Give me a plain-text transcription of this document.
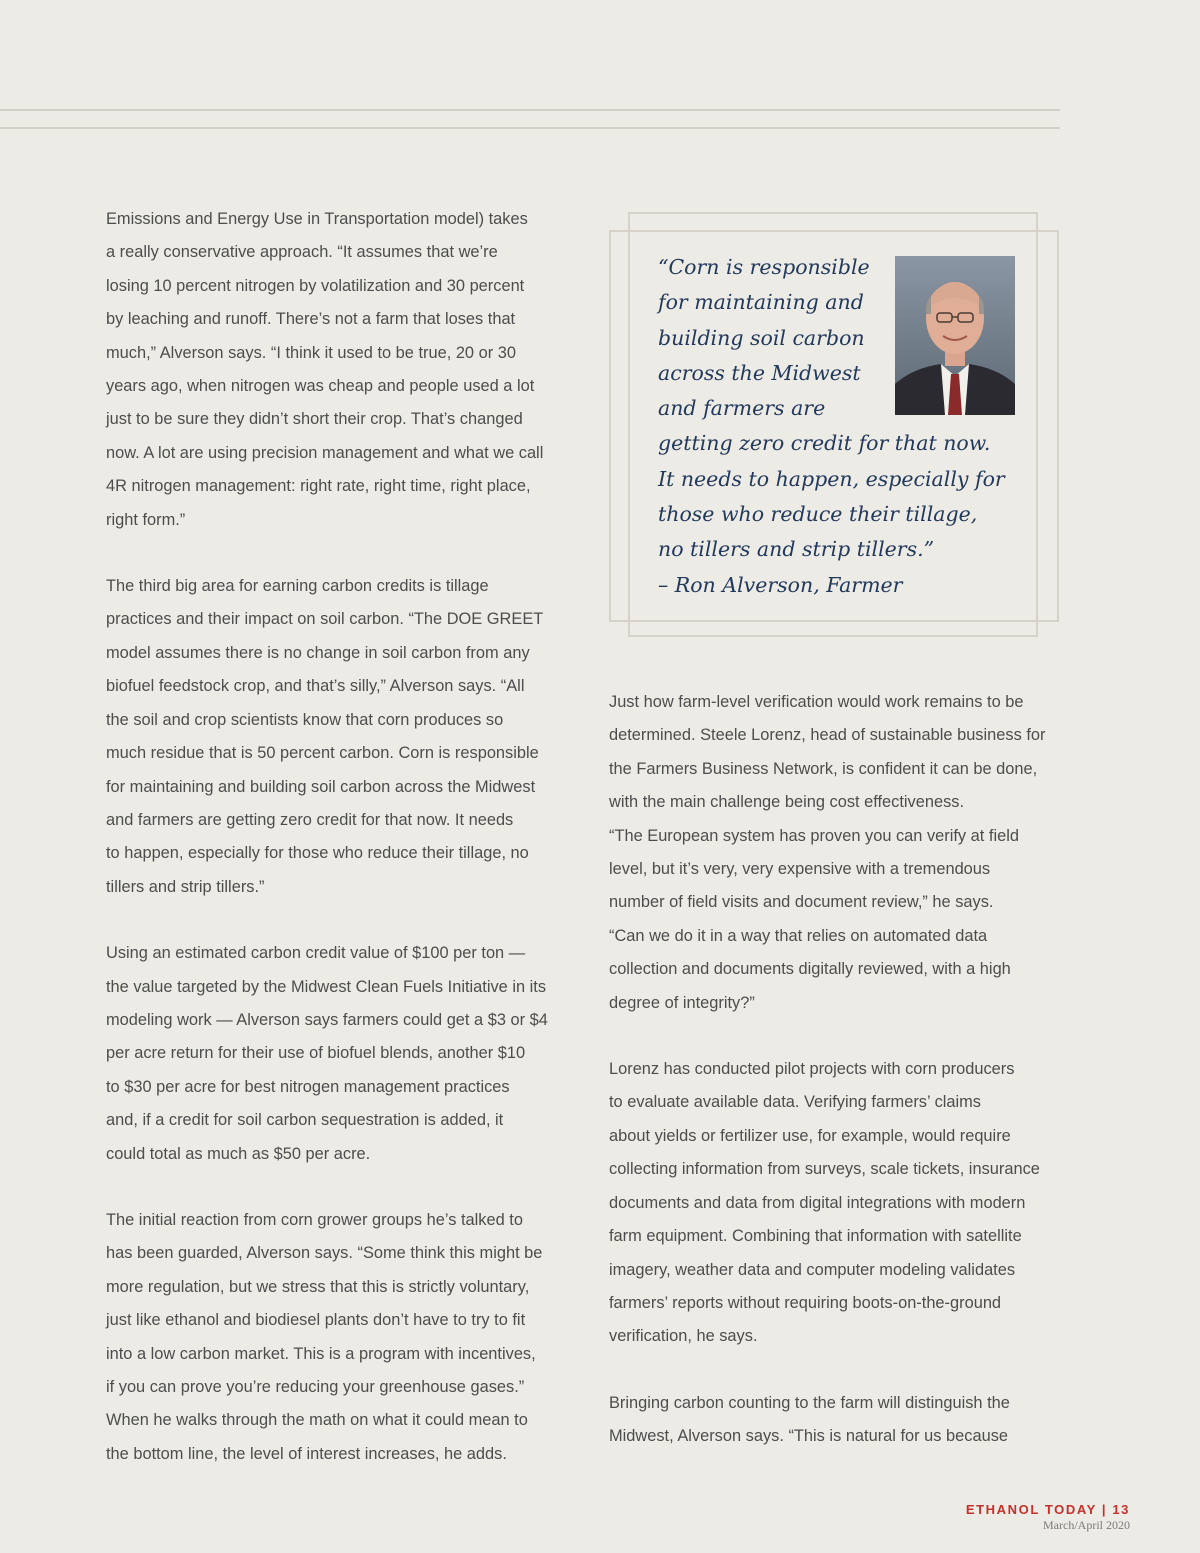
Emissions and Energy Use in Transportation model) takes
a really conservative approach. “It assumes that we’re
losing 10 percent nitrogen by volatilization and 30 percent
by leaching and runoff. There’s not a farm that loses that
much,” Alverson says. “I think it used to be true, 20 or 30
years ago, when nitrogen was cheap and people used a lot
just to be sure they didn’t short their crop. That’s changed
now. A lot are using precision management and what we call
4R nitrogen management: right rate, right time, right place,
right form.”

The third big area for earning carbon credits is tillage
practices and their impact on soil carbon. “The DOE GREET
model assumes there is no change in soil carbon from any
biofuel feedstock crop, and that’s silly,” Alverson says. “All
the soil and crop scientists know that corn produces so
much residue that is 50 percent carbon. Corn is responsible
for maintaining and building soil carbon across the Midwest
and farmers are getting zero credit for that now. It needs
to happen, especially for those who reduce their tillage, no
tillers and strip tillers.”

Using an estimated carbon credit value of $100 per ton —
the value targeted by the Midwest Clean Fuels Initiative in its
modeling work — Alverson says farmers could get a $3 or $4
per acre return for their use of biofuel blends, another $10
to $30 per acre for best nitrogen management practices
and, if a credit for soil carbon sequestration is added, it
could total as much as $50 per acre.

The initial reaction from corn grower groups he’s talked to
has been guarded, Alverson says. “Some think this might be
more regulation, but we stress that this is strictly voluntary,
just like ethanol and biodiesel plants don’t have to try to fit
into a low carbon market. This is a program with incentives,
if you can prove you’re reducing your greenhouse gases.”
When he walks through the math on what it could mean to
the bottom line, the level of interest increases, he adds.

“Corn is responsible
for maintaining and
building soil carbon
across the Midwest
and farmers are
getting zero credit for that now.
It needs to happen, especially for
those who reduce their tillage,
no tillers and strip tillers.”
– Ron Alverson, Farmer

Just how farm-level verification would work remains to be
determined. Steele Lorenz, head of sustainable business for
the Farmers Business Network, is confident it can be done,
with the main challenge being cost effectiveness.
“The European system has proven you can verify at field
level, but it’s very, very expensive with a tremendous
number of field visits and document review,” he says.
“Can we do it in a way that relies on automated data
collection and documents digitally reviewed, with a high
degree of integrity?”

Lorenz has conducted pilot projects with corn producers
to evaluate available data. Verifying farmers’ claims
about yields or fertilizer use, for example, would require
collecting information from surveys, scale tickets, insurance
documents and data from digital integrations with modern
farm equipment. Combining that information with satellite
imagery, weather data and computer modeling validates
farmers’ reports without requiring boots-on-the-ground
verification, he says.

Bringing carbon counting to the farm will distinguish the
Midwest, Alverson says. “This is natural for us because

ETHANOL TODAY | 13
March/April 2020
